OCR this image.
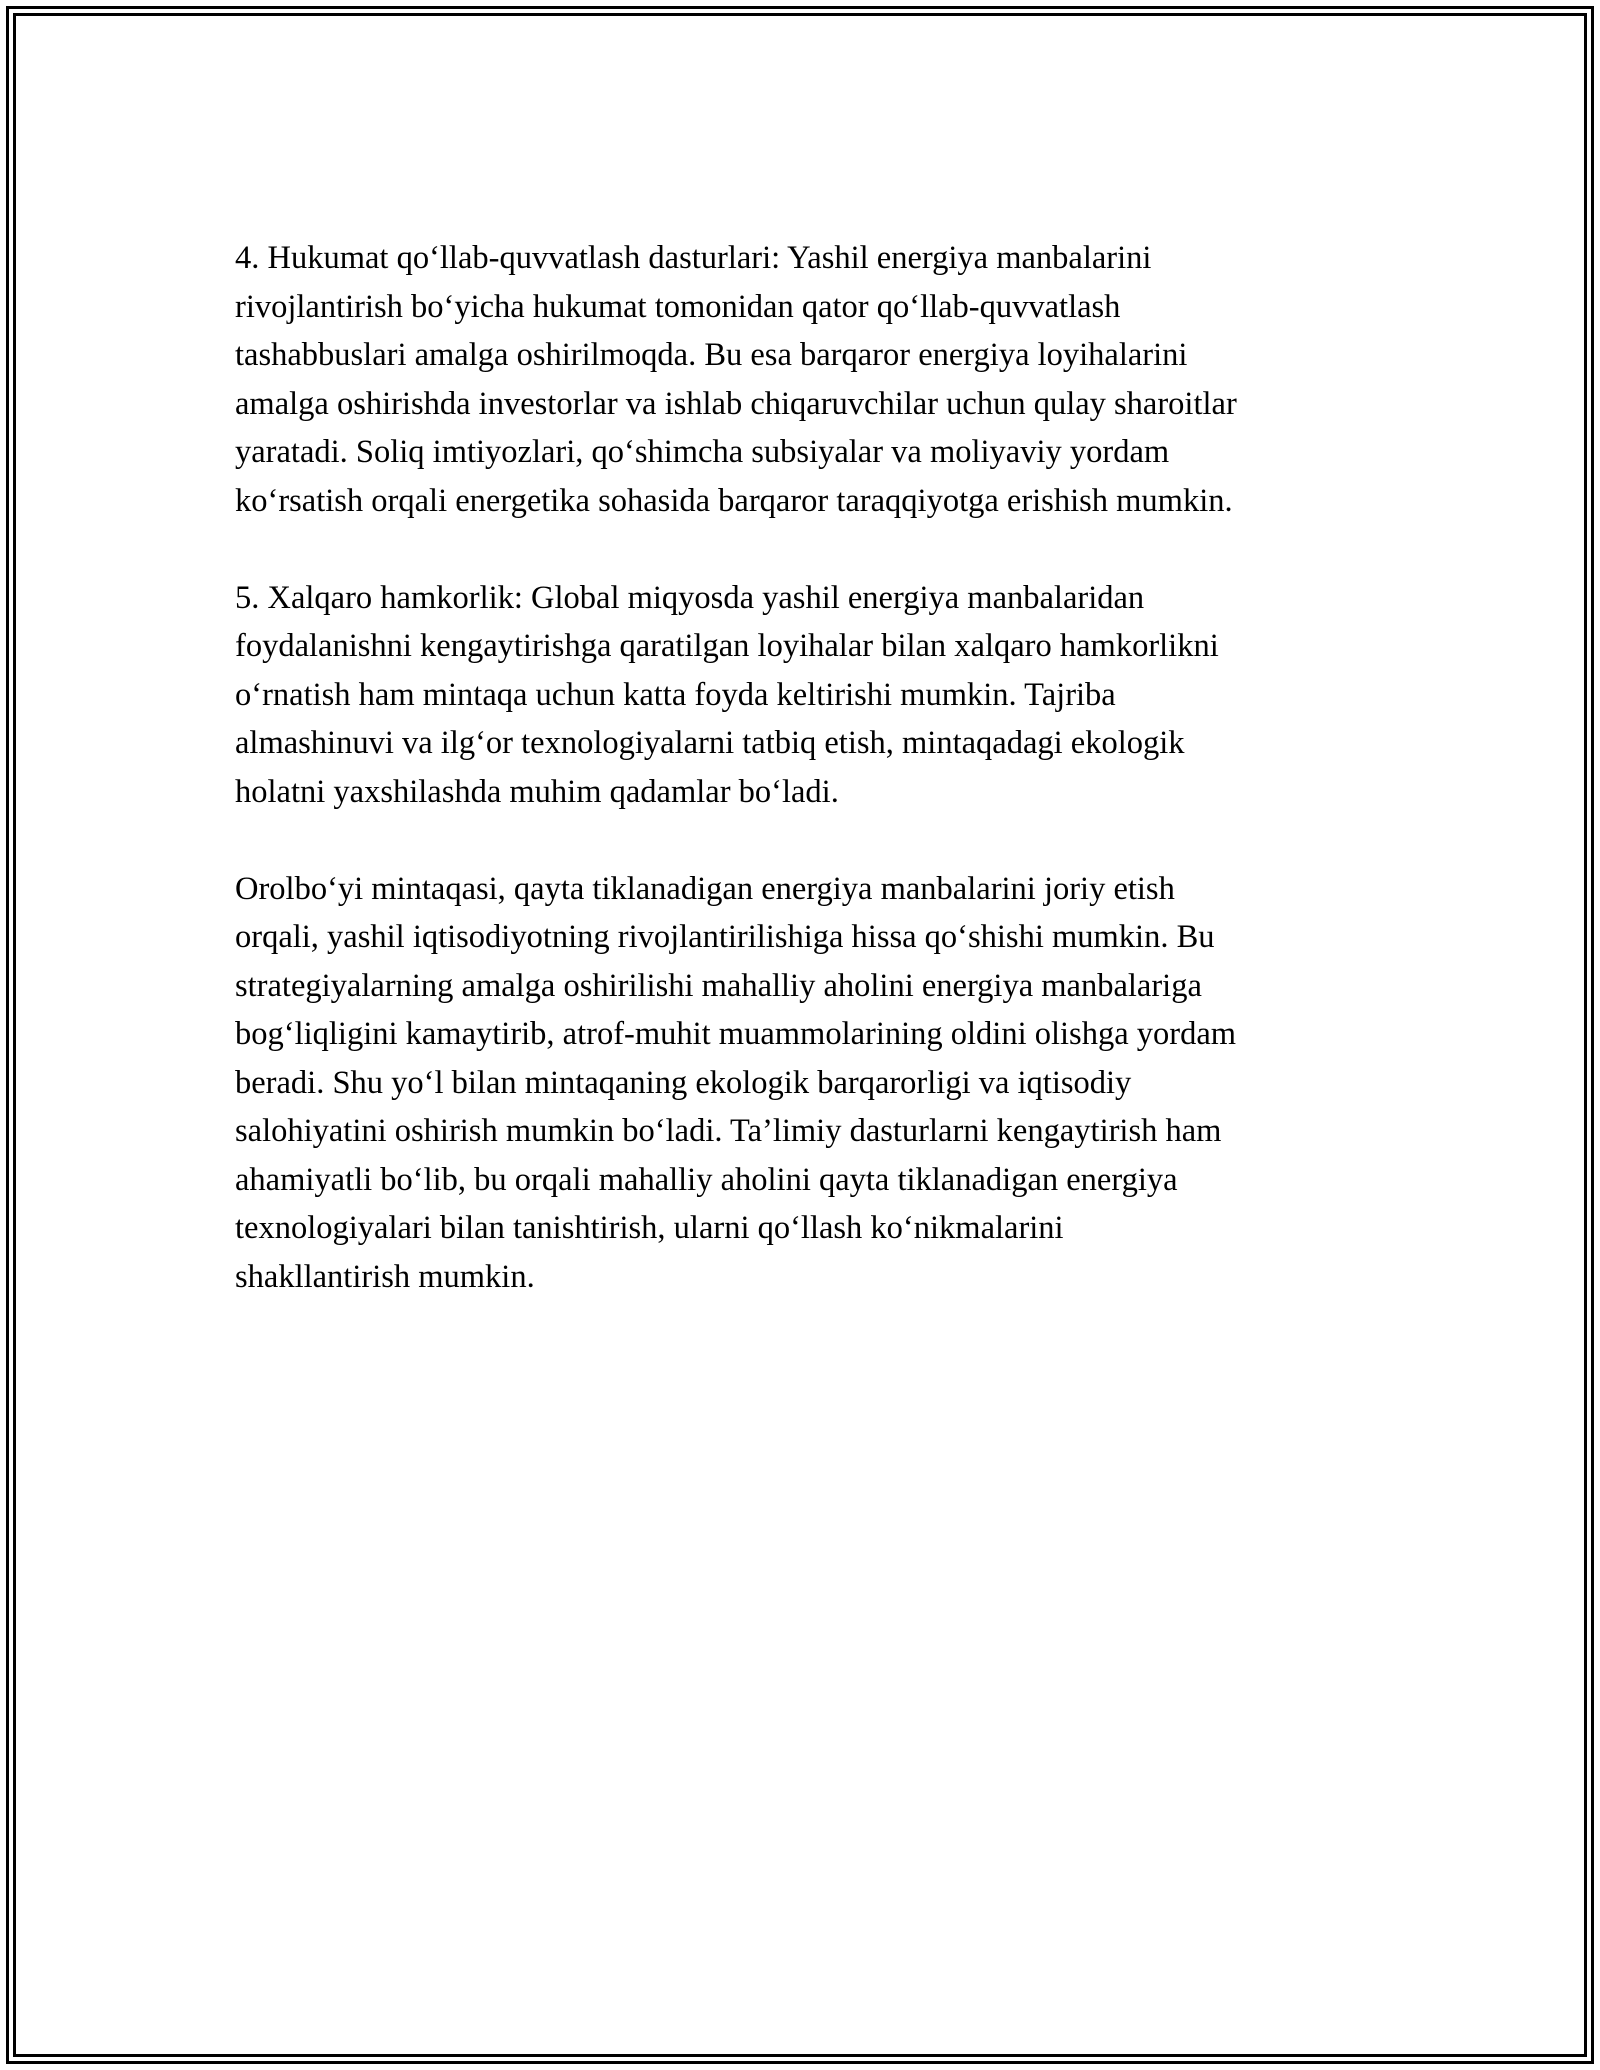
4. Hukumat qo‘llab-quvvatlash dasturlari: Yashil energiya manbalarini
rivojlantirish bo‘yicha hukumat tomonidan qator qo‘llab-quvvatlash
tashabbuslari amalga oshirilmoqda. Bu esa barqaror energiya loyihalarini
amalga oshirishda investorlar va ishlab chiqaruvchilar uchun qulay sharoitlar
yaratadi. Soliq imtiyozlari, qo‘shimcha subsiyalar va moliyaviy yordam
ko‘rsatish orqali energetika sohasida barqaror taraqqiyotga erishish mumkin.

5. Xalqaro hamkorlik: Global miqyosda yashil energiya manbalaridan
foydalanishni kengaytirishga qaratilgan loyihalar bilan xalqaro hamkorlikni
o‘rnatish ham mintaqa uchun katta foyda keltirishi mumkin. Tajriba
almashinuvi va ilg‘or texnologiyalarni tatbiq etish, mintaqadagi ekologik
holatni yaxshilashda muhim qadamlar bo‘ladi.

Orolbo‘yi mintaqasi, qayta tiklanadigan energiya manbalarini joriy etish
orqali, yashil iqtisodiyotning rivojlantirilishiga hissa qo‘shishi mumkin. Bu
strategiyalarning amalga oshirilishi mahalliy aholini energiya manbalariga
bog‘liqligini kamaytirib, atrof-muhit muammolarining oldini olishga yordam
beradi. Shu yo‘l bilan mintaqaning ekologik barqarorligi va iqtisodiy
salohiyatini oshirish mumkin bo‘ladi. Ta’limiy dasturlarni kengaytirish ham
ahamiyatli bo‘lib, bu orqali mahalliy aholini qayta tiklanadigan energiya
texnologiyalari bilan tanishtirish, ularni qo‘llash ko‘nikmalarini
shakllantirish mumkin.
